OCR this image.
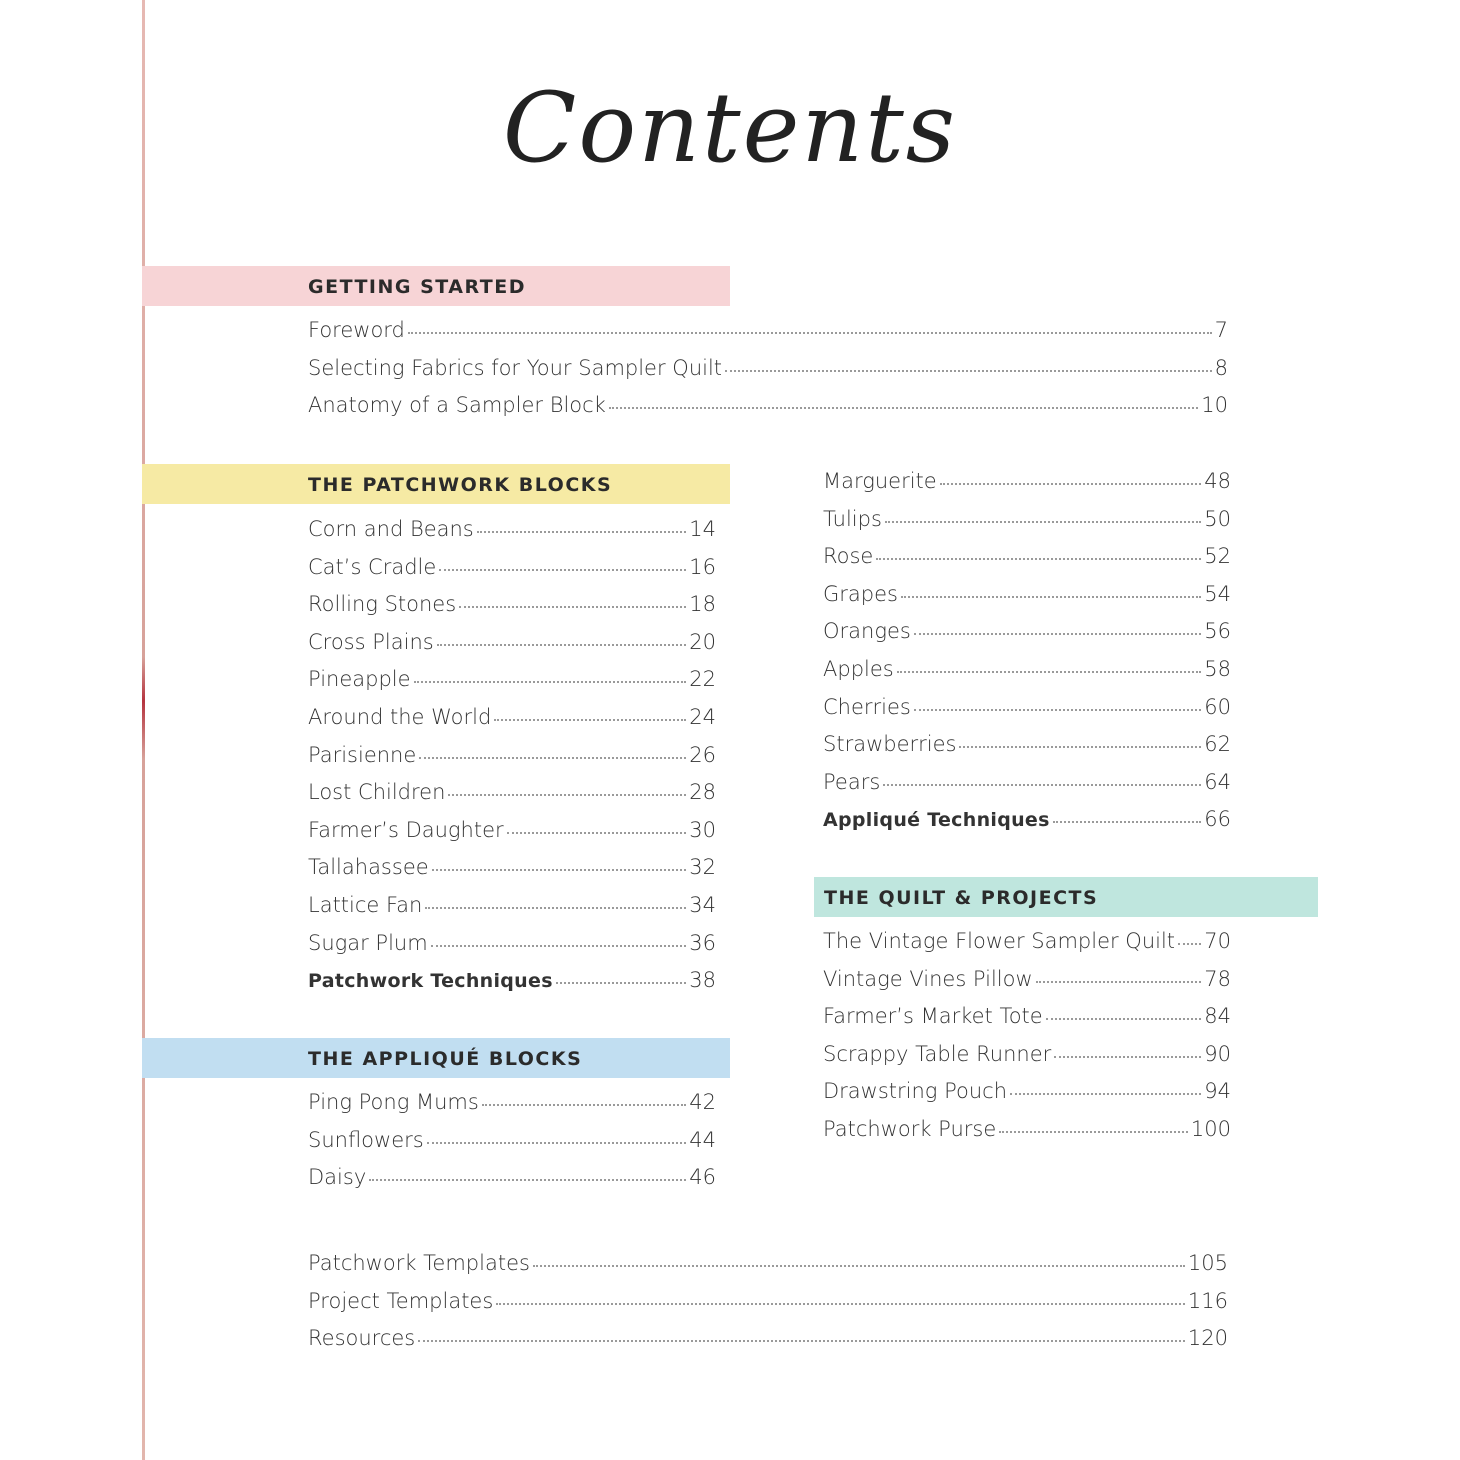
Contents
GETTING STARTED
Foreword	7
Selecting Fabrics for Your Sampler Quilt	8
Anatomy of a Sampler Block	10
THE PATCHWORK BLOCKS
Corn and Beans	14
Cat’s Cradle	16
Rolling Stones	18
Cross Plains	20
Pineapple	22
Around the World	24
Parisienne	26
Lost Children	28
Farmer’s Daughter	30
Tallahassee	32
Lattice Fan	34
Sugar Plum	36
Patchwork Techniques	38
THE APPLIQUÉ BLOCKS
Ping Pong Mums	42
Sunflowers	44
Daisy	46
Marguerite	48
Tulips	50
Rose	52
Grapes	54
Oranges	56
Apples	58
Cherries	60
Strawberries	62
Pears	64
Appliqué Techniques	66
THE QUILT & PROJECTS
The Vintage Flower Sampler Quilt 70
Vintage Vines Pillow	78
Farmer’s Market Tote	84
Scrappy Table Runner	90
Drawstring Pouch	94
Patchwork Purse	100
Patchwork Templates	105
Project Templates	116
Resources	120
